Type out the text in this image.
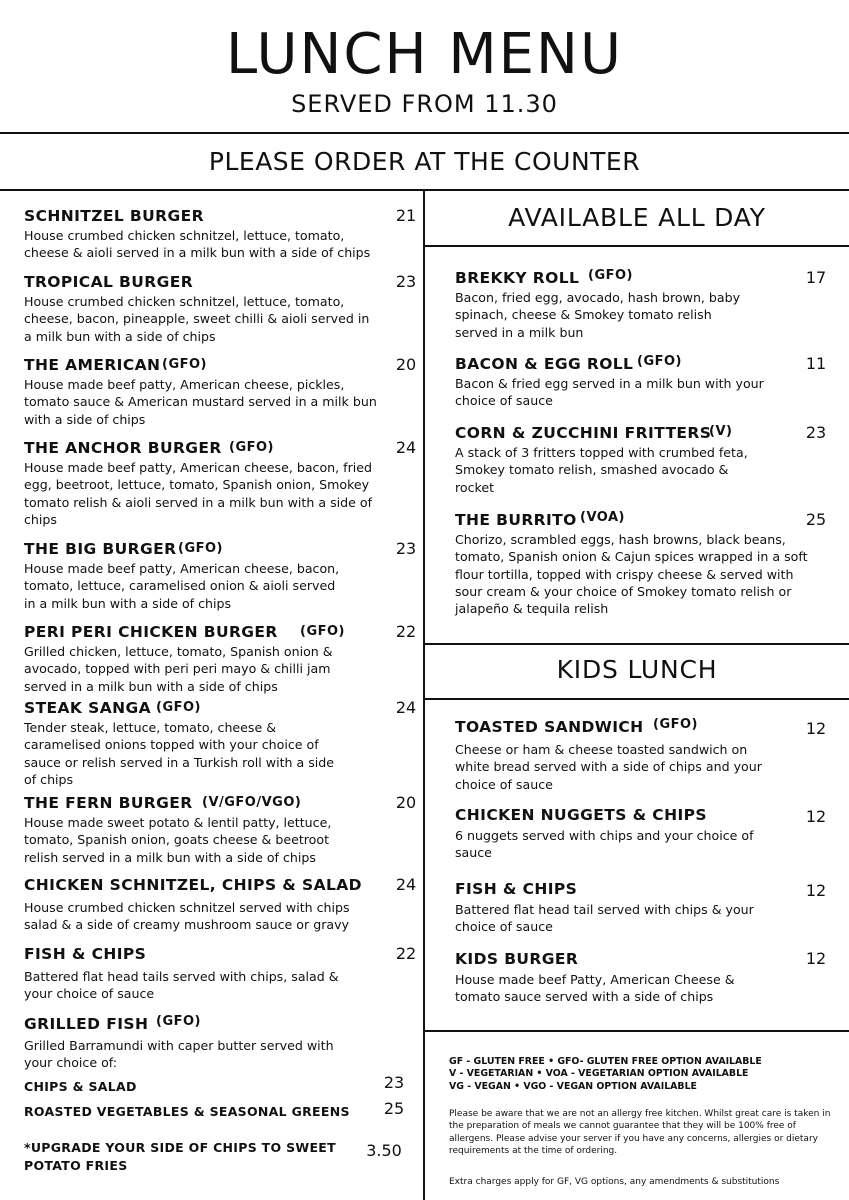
LUNCH MENU
SERVED FROM 11.30
PLEASE ORDER AT THE COUNTER
SCHNITZEL BURGER	21
House crumbed chicken schnitzel, lettuce, tomato,
cheese & aioli served in a milk bun with a side of chips
TROPICAL BURGER	23
House crumbed chicken schnitzel, lettuce, tomato,
cheese, bacon, pineapple, sweet chilli & aioli served in
a milk bun with a side of chips
THE AMERICAN (GFO)	20
House made beef patty, American cheese, pickles,
tomato sauce & American mustard served in a milk bun
with a side of chips
THE ANCHOR BURGER (GFO)	24
House made beef patty, American cheese, bacon, fried
egg, beetroot, lettuce, tomato, Spanish onion, Smokey
tomato relish & aioli served in a milk bun with a side of
chips
THE BIG BURGER (GFO)	23
House made beef patty, American cheese, bacon,
tomato, lettuce, caramelised onion & aioli served
in a milk bun with a side of chips
PERI PERI CHICKEN BURGER (GFO)	22
Grilled chicken, lettuce, tomato, Spanish onion &
avocado, topped with peri peri mayo & chilli jam
served in a milk bun with a side of chips
STEAK SANGA (GFO)	24
Tender steak, lettuce, tomato, cheese &
caramelised onions topped with your choice of
sauce or relish served in a Turkish roll with a side
of chips
THE FERN BURGER (V/GFO/VGO)	20
House made sweet potato & lentil patty, lettuce,
tomato, Spanish onion, goats cheese & beetroot
relish served in a milk bun with a side of chips
CHICKEN SCHNITZEL, CHIPS & SALAD	24
House crumbed chicken schnitzel served with chips
salad & a side of creamy mushroom sauce or gravy
FISH & CHIPS	22
Battered flat head tails served with chips, salad &
your choice of sauce
GRILLED FISH (GFO)
Grilled Barramundi with caper butter served with
your choice of:
CHIPS & SALAD	23
ROASTED VEGETABLES & SEASONAL GREENS	25
*UPGRADE YOUR SIDE OF CHIPS TO SWEET
POTATO FRIES
3.50
AVAILABLE ALL DAY
BREKKY ROLL (GFO)	17
Bacon, fried egg, avocado, hash brown, baby
spinach, cheese & Smokey tomato relish
served in a milk bun
BACON & EGG ROLL (GFO)	11
Bacon & fried egg served in a milk bun with your
choice of sauce
CORN & ZUCCHINI FRITTERS
(V)	23
A stack of 3 fritters topped with crumbed feta,
Smokey tomato relish, smashed avocado &
rocket
THE BURRITO (VOA)	25
Chorizo, scrambled eggs, hash browns, black beans,
tomato, Spanish onion & Cajun spices wrapped in a soft
flour tortilla, topped with crispy cheese & served with
sour cream & your choice of Smokey tomato relish or
jalapeño & tequila relish
KIDS LUNCH
TOASTED SANDWICH (GFO)	12
Cheese or ham & cheese toasted sandwich on
white bread served with a side of chips and your
choice of sauce
CHICKEN NUGGETS & CHIPS	12
6 nuggets served with chips and your choice of
sauce
FISH & CHIPS	12
Battered flat head tail served with chips & your
choice of sauce
KIDS BURGER	12
House made beef Patty, American Cheese &
tomato sauce served with a side of chips
GF - GLUTEN FREE • GFO- GLUTEN FREE OPTION AVAILABLE
V - VEGETARIAN • VOA - VEGETARIAN OPTION AVAILABLE
VG - VEGAN • VGO - VEGAN OPTION AVAILABLE
Please be aware that we are not an allergy free kitchen. Whilst great care is taken in the preparation of meals we cannot guarantee that they will be 100% free of allergens. Please advise your server if you have any concerns, allergies or dietary requirements at the time of ordering.
Extra charges apply for GF, VG options, any amendments & substitutions
